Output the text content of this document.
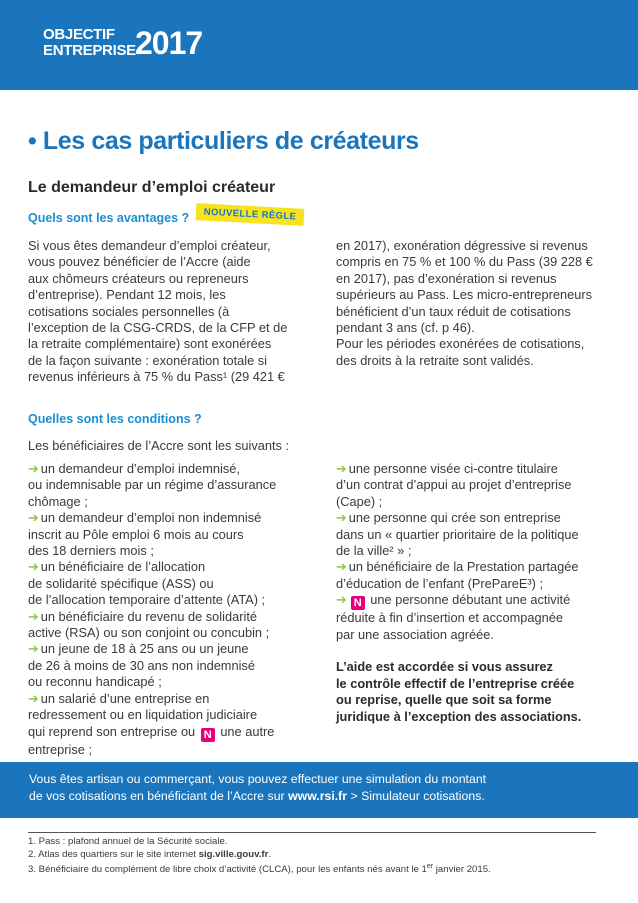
OBJECTIF
ENTREPRISE 2017
• Les cas particuliers de créateurs
Le demandeur d’emploi créateur
Quels sont les avantages ?	NOUVELLE RÈGLE

Si vous êtes demandeur d’emploi créateur,

vous pouvez bénéficier de l’Accre (aide

aux chômeurs créateurs ou repreneurs

d’entreprise). Pendant 12 mois, les

cotisations sociales personnelles (à

l’exception de la CSG-CRDS, de la CFP et de

la retraite complémentaire) sont exonérées

de la façon suivante : exonération totale si

revenus inférieurs à 75 % du Pass¹ (29 421 €

en 2017), exonération dégressive si revenus

compris en 75 % et 100 % du Pass (39 228 €

en 2017), pas d’exonération si revenus

supérieurs au Pass. Les micro-entrepreneurs

bénéficient d’un taux réduit de cotisations

pendant 3 ans (cf. p 46).

Pour les périodes exonérées de cotisations,

des droits à la retraite sont validés.

Quelles sont les conditions ?

Les bénéficiaires de l’Accre sont les suivants :

➔ un demandeur d’emploi indemnisé,

ou indemnisable par un régime d’assurance

chômage ;

➔ un demandeur d’emploi non indemnisé

inscrit au Pôle emploi 6 mois au cours

des 18 derniers mois ;

➔ un bénéficiaire de l’allocation

de solidarité spécifique (ASS) ou

de l’allocation temporaire d’attente (ATA) ;

➔ un bénéficiaire du revenu de solidarité

active (RSA) ou son conjoint ou concubin ;

➔ un jeune de 18 à 25 ans ou un jeune

de 26 à moins de 30 ans non indemnisé

ou reconnu handicapé ;

➔ un salarié d’une entreprise en

redressement ou en liquidation judiciaire

qui reprend son entreprise ou N une autre

entreprise ;

➔ une personne visée ci-contre titulaire

d’un contrat d’appui au projet d’entreprise

(Cape) ;

➔ une personne qui crée son entreprise

dans un « quartier prioritaire de la politique

de la ville² » ;

➔ un bénéficiaire de la Prestation partagée

d’éducation de l’enfant (PrePareE³) ;

➔ N une personne débutant une activité

réduite à fin d’insertion et accompagnée

par une association agréée.

L’aide est accordée si vous assurez

le contrôle effectif de l’entreprise créée

ou reprise, quelle que soit sa forme

juridique à l’exception des associations.

Vous êtes artisan ou commerçant, vous pouvez effectuer une simulation du montant

de vos cotisations en bénéficiant de l’Accre sur www.rsi.fr > Simulateur cotisations.

1. Pass : plafond annuel de la Sécurité sociale.

2. Atlas des quartiers sur le site internet sig.ville.gouv.fr.

3. Bénéficiaire du complément de libre choix d’activité (CLCA), pour les enfants nés avant le 1er janvier 2015.
